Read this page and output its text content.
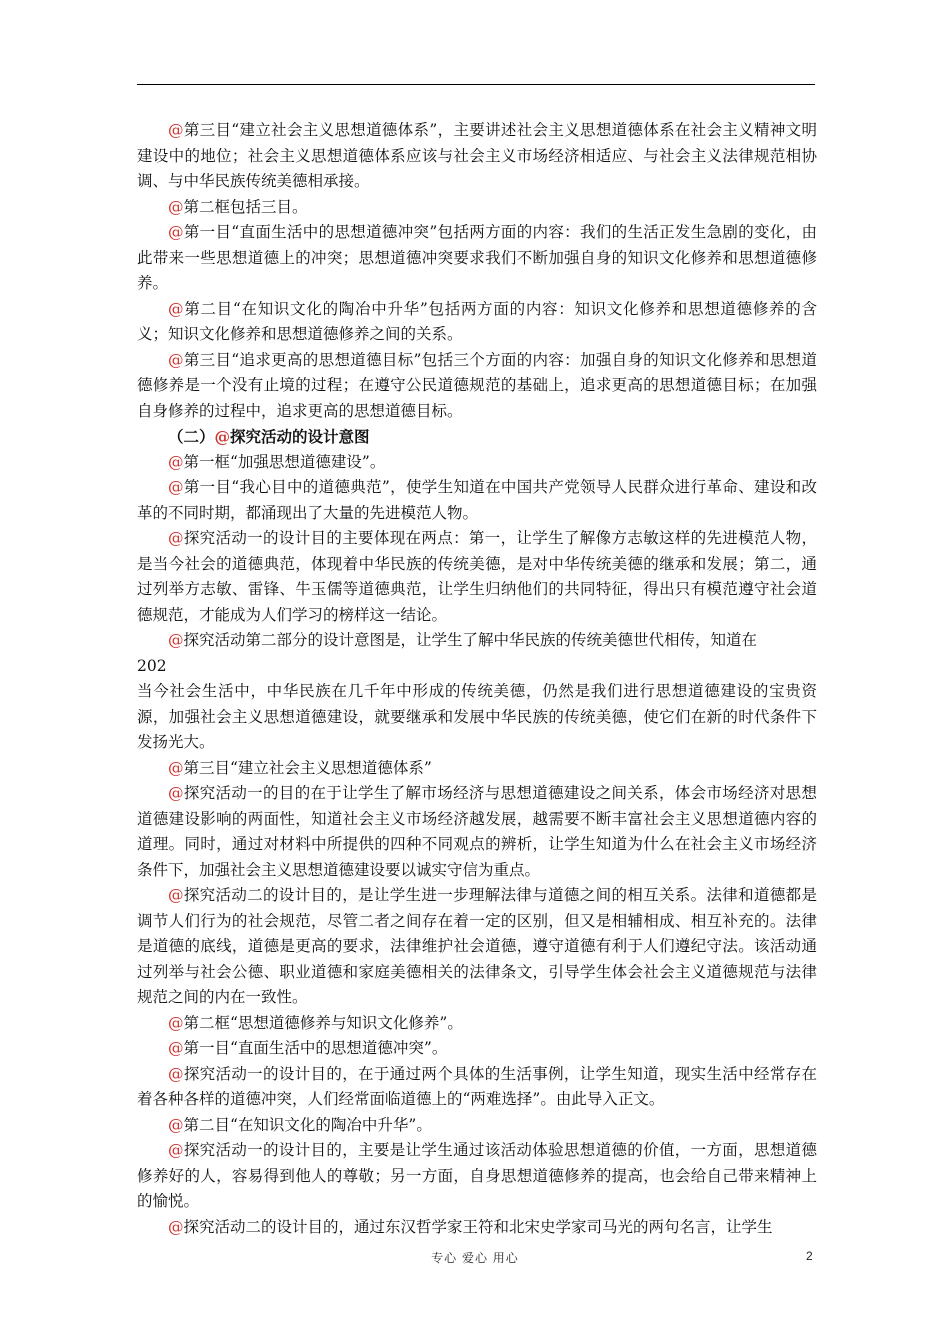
@第三目“建立社会主义思想道德体系”，主要讲述社会主义思想道德体系在社会主义精神文明建设中的地位；社会主义思想道德体系应该与社会主义市场经济相适应、与社会主义法律规范相协调、与中华民族传统美德相承接。

@第二框包括三目。

@第一目“直面生活中的思想道德冲突”包括两方面的内容：我们的生活正发生急剧的变化，由此带来一些思想道德上的冲突；思想道德冲突要求我们不断加强自身的知识文化修养和思想道德修养。

@第二目“在知识文化的陶冶中升华”包括两方面的内容：知识文化修养和思想道德修养的含义；知识文化修养和思想道德修养之间的关系。

@第三目“追求更高的思想道德目标”包括三个方面的内容：加强自身的知识文化修养和思想道德修养是一个没有止境的过程；在遵守公民道德规范的基础上，追求更高的思想道德目标；在加强自身修养的过程中，追求更高的思想道德目标。

（二）@探究活动的设计意图

@第一框“加强思想道德建设”。

@第一目“我心目中的道德典范”，使学生知道在中国共产党领导人民群众进行革命、建设和改革的不同时期，都涌现出了大量的先进模范人物。

@探究活动一的设计目的主要体现在两点：第一，让学生了解像方志敏这样的先进模范人物，是当今社会的道德典范，体现着中华民族的传统美德，是对中华传统美德的继承和发展；第二，通过列举方志敏、雷锋、牛玉儒等道德典范，让学生归纳他们的共同特征，得出只有模范遵守社会道德规范，才能成为人们学习的榜样这一结论。

@探究活动第二部分的设计意图是，让学生了解中华民族的传统美德世代相传，知道在

202

当今社会生活中，中华民族在几千年中形成的传统美德，仍然是我们进行思想道德建设的宝贵资源，加强社会主义思想道德建设，就要继承和发展中华民族的传统美德，使它们在新的时代条件下发扬光大。

@第三目“建立社会主义思想道德体系”

@探究活动一的目的在于让学生了解市场经济与思想道德建设之间关系，体会市场经济对思想道德建设影响的两面性，知道社会主义市场经济越发展，越需要不断丰富社会主义思想道德内容的道理。同时，通过对材料中所提供的四种不同观点的辨析，让学生知道为什么在社会主义市场经济条件下，加强社会主义思想道德建设要以诚实守信为重点。

@探究活动二的设计目的，是让学生进一步理解法律与道德之间的相互关系。法律和道德都是调节人们行为的社会规范，尽管二者之间存在着一定的区别，但又是相辅相成、相互补充的。法律是道德的底线，道德是更高的要求，法律维护社会道德，遵守道德有利于人们遵纪守法。该活动通过列举与社会公德、职业道德和家庭美德相关的法律条文，引导学生体会社会主义道德规范与法律规范之间的内在一致性。

@第二框“思想道德修养与知识文化修养”。

@第一目“直面生活中的思想道德冲突”。

@探究活动一的设计目的，在于通过两个具体的生活事例，让学生知道，现实生活中经常存在着各种各样的道德冲突，人们经常面临道德上的“两难选择”。由此导入正文。

@第二目“在知识文化的陶冶中升华”。

@探究活动一的设计目的，主要是让学生通过该活动体验思想道德的价值，一方面，思想道德修养好的人，容易得到他人的尊敬；另一方面，自身思想道德修养的提高，也会给自己带来精神上的愉悦。

@探究活动二的设计目的，通过东汉哲学家王符和北宋史学家司马光的两句名言，让学生

专心 爱心 用心	2
